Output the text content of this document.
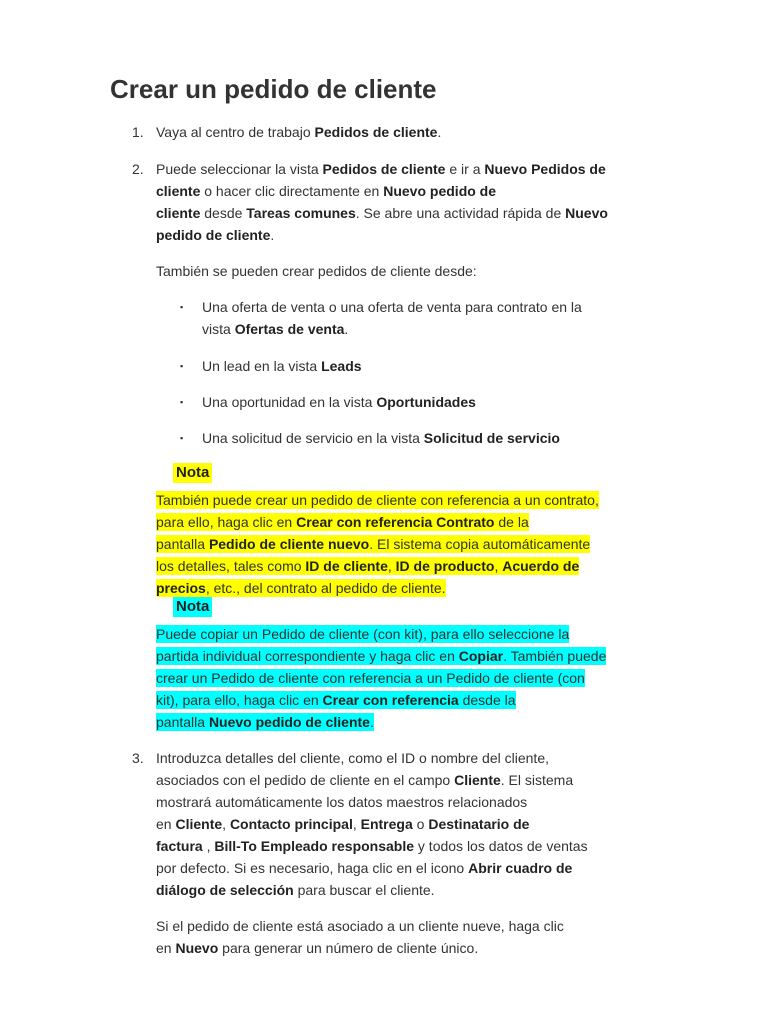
Crear un pedido de cliente
1. Vaya al centro de trabajo Pedidos de cliente.
2. Puede seleccionar la vista Pedidos de cliente e ir a Nuevo Pedidos de
cliente o hacer clic directamente en Nuevo pedido de
cliente desde Tareas comunes. Se abre una actividad rápida de Nuevo
pedido de cliente.
También se pueden crear pedidos de cliente desde:
▪ Una oferta de venta o una oferta de venta para contrato en la
vista Ofertas de venta.
▪ Un lead en la vista Leads
▪ Una oportunidad en la vista Oportunidades
▪ Una solicitud de servicio en la vista Solicitud de servicio
Nota
También puede crear un pedido de cliente con referencia a un contrato,
para ello, haga clic en Crear con referencia Contrato de la
pantalla Pedido de cliente nuevo. El sistema copia automáticamente
los detalles, tales como ID de cliente, ID de producto, Acuerdo de
precios, etc., del contrato al pedido de cliente.
Nota
Puede copiar un Pedido de cliente (con kit), para ello seleccione la
partida individual correspondiente y haga clic en Copiar. También puede
crear un Pedido de cliente con referencia a un Pedido de cliente (con
kit), para ello, haga clic en Crear con referencia desde la
pantalla Nuevo pedido de cliente.
3. Introduzca detalles del cliente, como el ID o nombre del cliente,
asociados con el pedido de cliente en el campo Cliente. El sistema
mostrará automáticamente los datos maestros relacionados
en Cliente, Contacto principal, Entrega o Destinatario de
factura , Bill-To Empleado responsable y todos los datos de ventas
por defecto. Si es necesario, haga clic en el icono Abrir cuadro de
diálogo de selección para buscar el cliente.
Si el pedido de cliente está asociado a un cliente nueve, haga clic
en Nuevo para generar un número de cliente único.
